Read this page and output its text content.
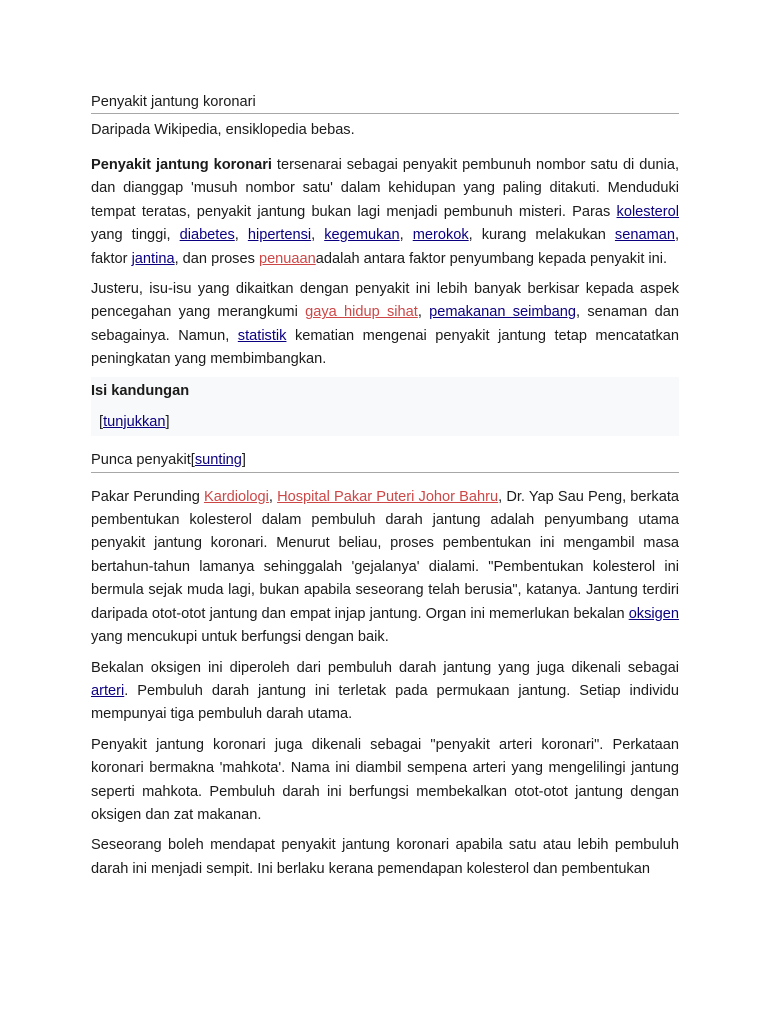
Penyakit jantung koronari
Daripada Wikipedia, ensiklopedia bebas.

Penyakit jantung koronari tersenarai sebagai penyakit pembunuh nombor satu di dunia, dan dianggap 'musuh nombor satu' dalam kehidupan yang paling ditakuti. Menduduki tempat teratas, penyakit jantung bukan lagi menjadi pembunuh misteri. Paras kolesterol yang tinggi, diabetes, hipertensi, kegemukan, merokok, kurang melakukan senaman, faktor jantina, dan proses penuaanadalah antara faktor penyumbang kepada penyakit ini.

Justeru, isu-isu yang dikaitkan dengan penyakit ini lebih banyak berkisar kepada aspek pencegahan yang merangkumi gaya hidup sihat, pemakanan seimbang, senaman dan sebagainya. Namun, statistik kematian mengenai penyakit jantung tetap mencatatkan peningkatan yang membimbangkan.

Isi kandungan
[tunjukkan]
Punca penyakit[sunting]

Pakar Perunding Kardiologi, Hospital Pakar Puteri Johor Bahru, Dr. Yap Sau Peng, berkata pembentukan kolesterol dalam pembuluh darah jantung adalah penyumbang utama penyakit jantung koronari. Menurut beliau, proses pembentukan ini mengambil masa bertahun-tahun lamanya sehinggalah 'gejalanya' dialami. "Pembentukan kolesterol ini bermula sejak muda lagi, bukan apabila seseorang telah berusia", katanya. Jantung terdiri daripada otot-otot jantung dan empat injap jantung. Organ ini memerlukan bekalan oksigen yang mencukupi untuk berfungsi dengan baik.

Bekalan oksigen ini diperoleh dari pembuluh darah jantung yang juga dikenali sebagai arteri. Pembuluh darah jantung ini terletak pada permukaan jantung. Setiap individu mempunyai tiga pembuluh darah utama.

Penyakit jantung koronari juga dikenali sebagai "penyakit arteri koronari". Perkataan koronari bermakna 'mahkota'. Nama ini diambil sempena arteri yang mengelilingi jantung seperti mahkota. Pembuluh darah ini berfungsi membekalkan otot-otot jantung dengan oksigen dan zat makanan.

Seseorang boleh mendapat penyakit jantung koronari apabila satu atau lebih pembuluh darah ini menjadi sempit. Ini berlaku kerana pemendapan kolesterol dan pembentukan
